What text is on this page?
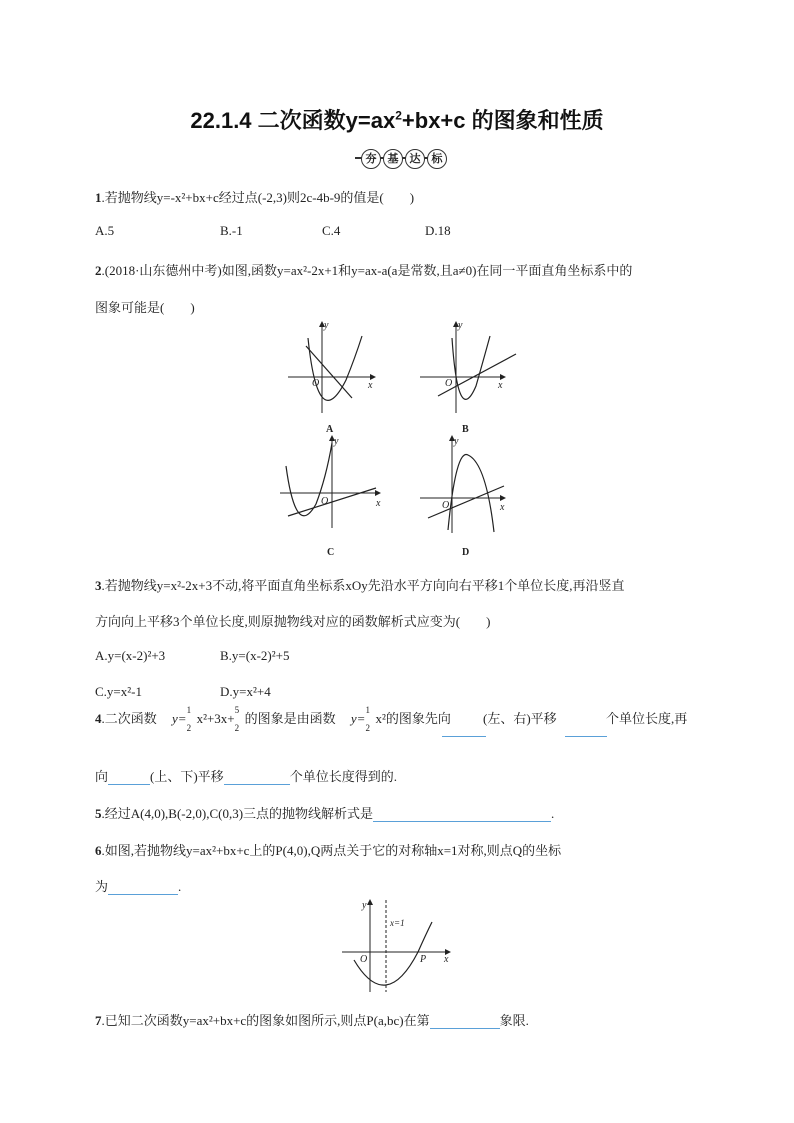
22.1.4 二次函数$y=ax^2+bx+c$ 的图象和性质
夯	基	达	标
1.若抛物线y=-x²+bx+c经过点(-2,3)则2c-4b-9的值是(　　)
A.5	B.-1	C.4	D.18
2.(2018·山东德州中考)如图,函数y=ax²-2x+1和y=ax-a(a是常数,且a≠0)在同一平面直角坐标系中的
图象可能是(　　)
y
x
O
A
y
x
O
B
y
x
O
C
y
x
O
D
3.若抛物线y=x²-2x+3不动,将平面直角坐标系xOy先沿水平方向向右平移1个单位长度,再沿竖直
方向向上平移3个单位长度,则原抛物线对应的函数解析式应变为(　　)
A.y=(x-2)²+3	B.y=(x-2)²+5
C.y=x²-1	D.y=x²+4
4.二次函数 y=
1
2
x²+3x+
5
2
的图象是由函数 y=
1
2
x²的图象先向 (左、右)平移	个单位长度,再
向	(上、下)平移	个单位长度得到的.
5.经过A(4,0),B(-2,0),C(0,3)三点的抛物线解析式是	.
6.如图,若抛物线y=ax²+bx+c上的P(4,0),Q两点关于它的对称轴x=1对称,则点Q的坐标
为	.
y
x=1
x
O	P
7.已知二次函数y=ax²+bx+c的图象如图所示,则点P(a,bc)在第	象限.
